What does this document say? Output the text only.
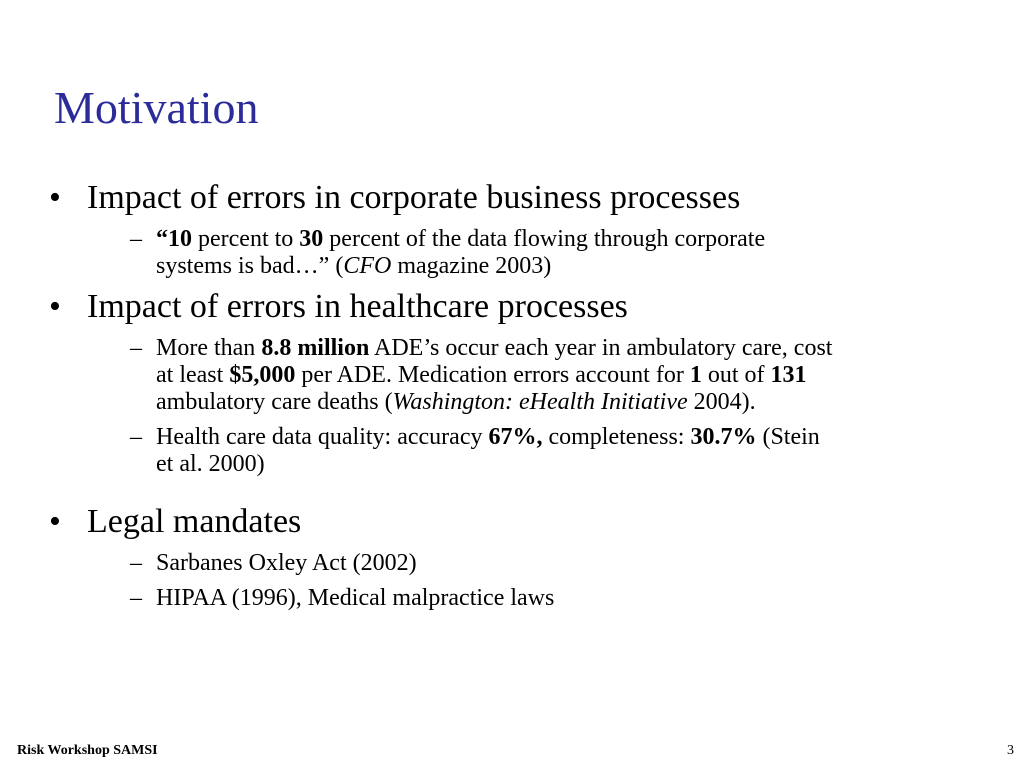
Motivation
• Impact of errors in corporate business processes
– “10 percent to 30 percent of the data flowing through corporate
systems is bad…” (CFO magazine 2003)
• Impact of errors in healthcare processes
– More than 8.8 million ADE’s occur each year in ambulatory care, cost
at least $5,000 per ADE. Medication errors account for 1 out of 131
ambulatory care deaths (Washington: eHealth Initiative 2004).
– Health care data quality: accuracy 67%, completeness: 30.7% (Stein
et al. 2000)
• Legal mandates
– Sarbanes Oxley Act (2002)
– HIPAA (1996), Medical malpractice laws
Risk Workshop SAMSI	3
